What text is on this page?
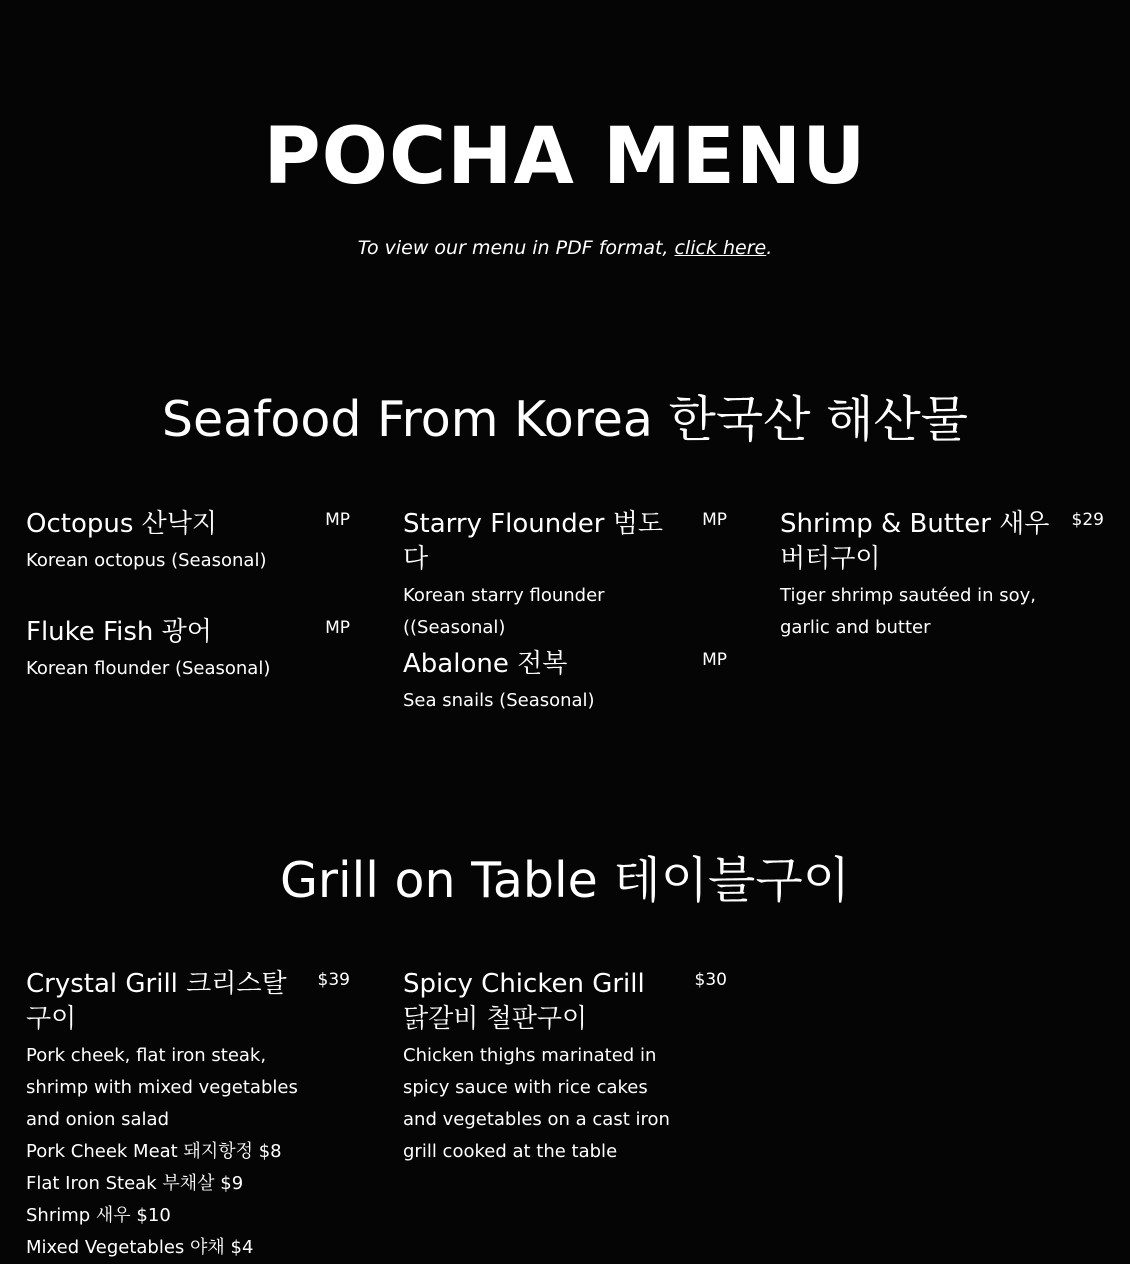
POCHA MENU
To view our menu in PDF format, click here.
Seafood From Korea 한국산 해산물
Octopus 산낙지	MP
Korean octopus (Seasonal)
Fluke Fish 광어	MP
Korean flounder (Seasonal)
Starry Flounder 범도다
MP
Korean starry flounder ((Seasonal)
Abalone 전복	MP
Sea snails (Seasonal)
Shrimp & Butter 새우 버터구이
$29
Tiger shrimp sautéed in soy, garlic and butter
Grill on Table 테이블구이
Crystal Grill 크리스탈구이
$39
Pork cheek, flat iron steak, shrimp with mixed vegetables and onion salad
Pork Cheek Meat 돼지항정 $8
Flat Iron Steak 부채살 $9
Shrimp 새우 $10
Mixed Vegetables 야채 $4
Spicy Chicken Grill 닭갈비 철판구이
$30
Chicken thighs marinated in spicy sauce with rice cakes and vegetables on a cast iron grill cooked at the table
